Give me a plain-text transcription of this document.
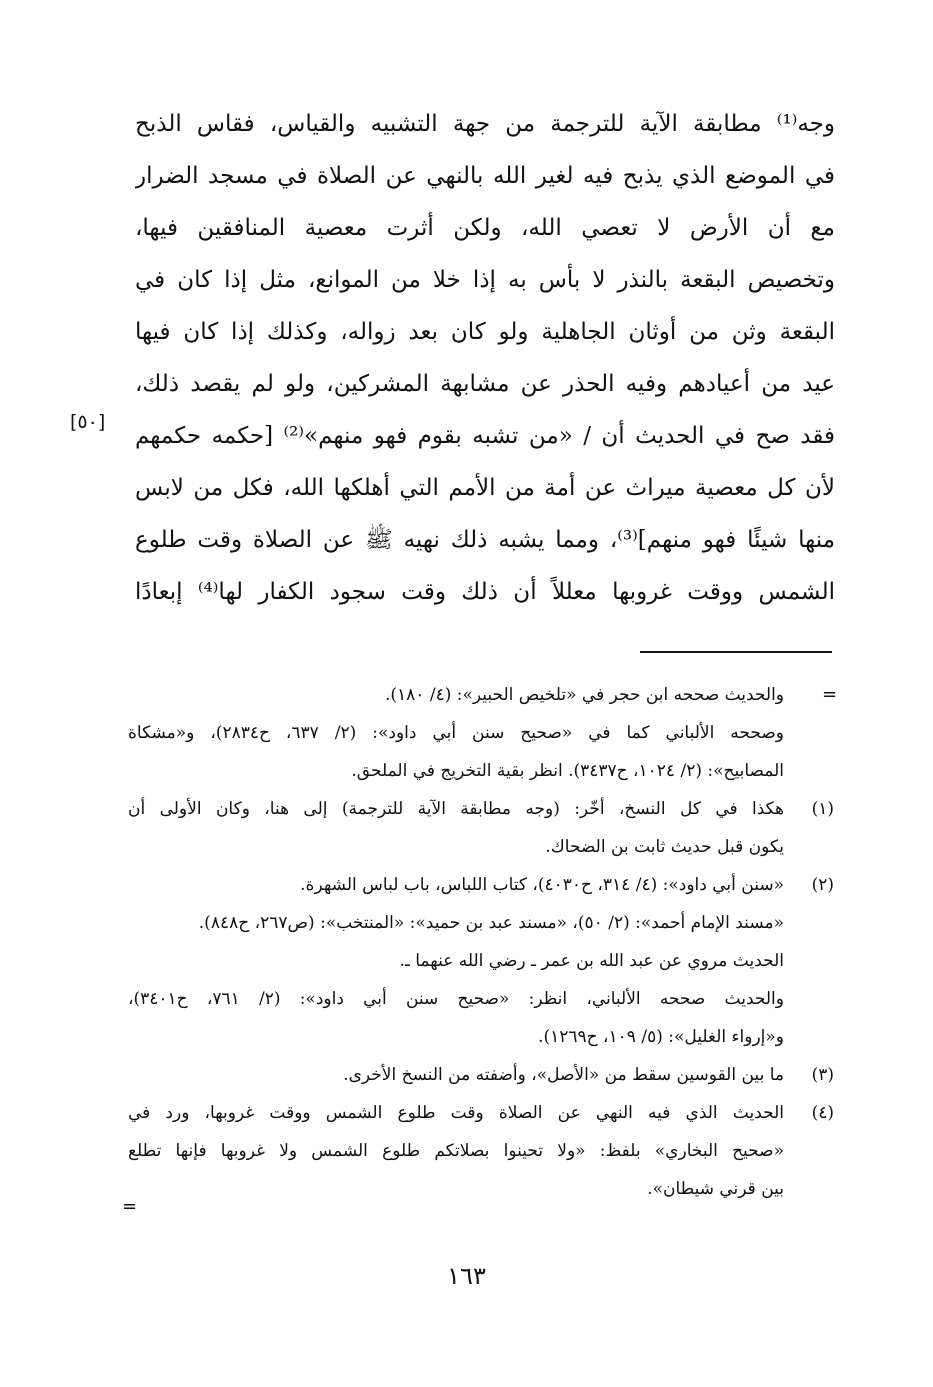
وجه⁽¹⁾ مطابقة الآية للترجمة من جهة التشبيه والقياس، فقاس الذبح
في الموضع الذي يذبح فيه لغير الله بالنهي عن الصلاة في مسجد الضرار
مع أن الأرض لا تعصي الله، ولكن أثرت معصية المنافقين فيها،
وتخصيص البقعة بالنذر لا بأس به إذا خلا من الموانع، مثل إذا كان في
البقعة وثن من أوثان الجاهلية ولو كان بعد زواله، وكذلك إذا كان فيها
عيد من أعيادهم وفيه الحذر عن مشابهة المشركين، ولو لم يقصد ذلك،
فقد صح في الحديث أن / «من تشبه بقوم فهو منهم»⁽²⁾ [حكمه حكمهم
لأن كل معصية ميراث عن أمة من الأمم التي أهلكها الله، فكل من لابس
منها شيئًا فهو منهم]⁽³⁾، ومما يشبه ذلك نهيه ﷺ عن الصلاة وقت طلوع
الشمس ووقت غروبها معللاً أن ذلك وقت سجود الكفار لها⁽⁴⁾ إبعادًا
[٥٠]
=
=
والحديث صححه ابن حجر في «تلخيص الحبير»: (٤/ ١٨٠).
وصححه الألباني كما في «صحيح سنن أبي داود»: (٢/ ٦٣٧، ح٢٨٣٤)، و«مشكاة
المصابيح»: (٢/ ١٠٢٤، ح٣٤٣٧). انظر بقية التخريج في الملحق.
(١)
هكذا في كل النسخ، أخّر: (وجه مطابقة الآية للترجمة) إلى هنا، وكان الأولى أن
يكون قبل حديث ثابت بن الضحاك.
(٢)
«سنن أبي داود»: (٤/ ٣١٤، ح٤٠٣٠)، كتاب اللباس، باب لباس الشهرة.
«مسند الإمام أحمد»: (٢/ ٥٠)، «مسند عبد بن حميد»: «المنتخب»: (ص٢٦٧، ح٨٤٨).
الحديث مروي عن عبد الله بن عمر ـ رضي الله عنهما ـ.
والحديث صححه الألباني، انظر: «صحيح سنن أبي داود»: (٢/ ٧٦١، ح٣٤٠١)،
و«إرواء الغليل»: (٥/ ١٠٩، ح١٢٦٩).
(٣)
ما بين القوسين سقط من «الأصل»، وأضفته من النسخ الأخرى.
(٤)
الحديث الذي فيه النهي عن الصلاة وقت طلوع الشمس ووقت غروبها، ورد في
«صحيح البخاري» بلفظ: «ولا تحينوا بصلاتكم طلوع الشمس ولا غروبها فإنها تطلع
بين قرني شيطان».
١٦٣
